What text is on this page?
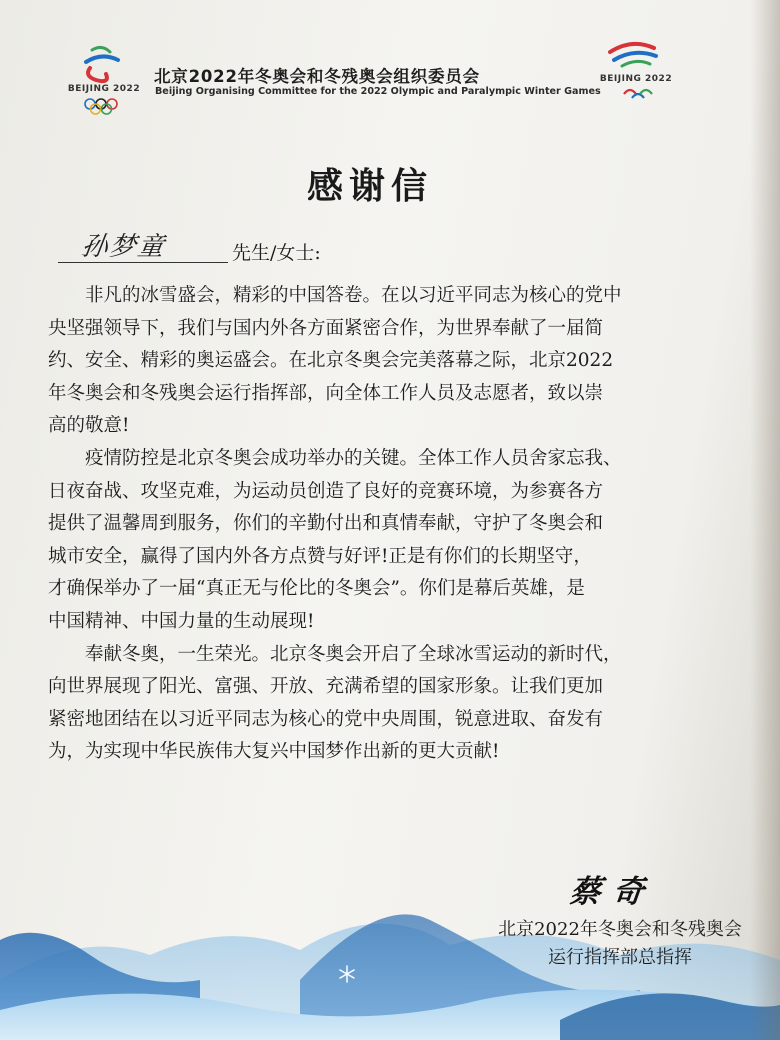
BEIJING 2022
北京2022年冬奥会和冬残奥会组织委员会
Beijing Organising Committee for the 2022 Olympic and Paralympic Winter Games
BEIJING 2022
感谢信
孙梦童	先生/女士:

　　非凡的冰雪盛会，精彩的中国答卷。在以习近平同志为核心的党中
央坚强领导下，我们与国内外各方面紧密合作，为世界奉献了一届简
约、安全、精彩的奥运盛会。在北京冬奥会完美落幕之际，北京2022
年冬奥会和冬残奥会运行指挥部，向全体工作人员及志愿者，致以崇
高的敬意!

　　疫情防控是北京冬奥会成功举办的关键。全体工作人员舍家忘我、
日夜奋战、攻坚克难，为运动员创造了良好的竞赛环境，为参赛各方
提供了温馨周到服务，你们的辛勤付出和真情奉献，守护了冬奥会和
城市安全，赢得了国内外各方点赞与好评!正是有你们的长期坚守，
才确保举办了一届“真正无与伦比的冬奥会”。你们是幕后英雄，是
中国精神、中国力量的生动展现!

　　奉献冬奥，一生荣光。北京冬奥会开启了全球冰雪运动的新时代，
向世界展现了阳光、富强、开放、充满希望的国家形象。让我们更加
紧密地团结在以习近平同志为核心的党中央周围，锐意进取、奋发有
为，为实现中华民族伟大复兴中国梦作出新的更大贡献!

蔡奇
北京2022年冬奥会和冬残奥会
运行指挥部总指挥
